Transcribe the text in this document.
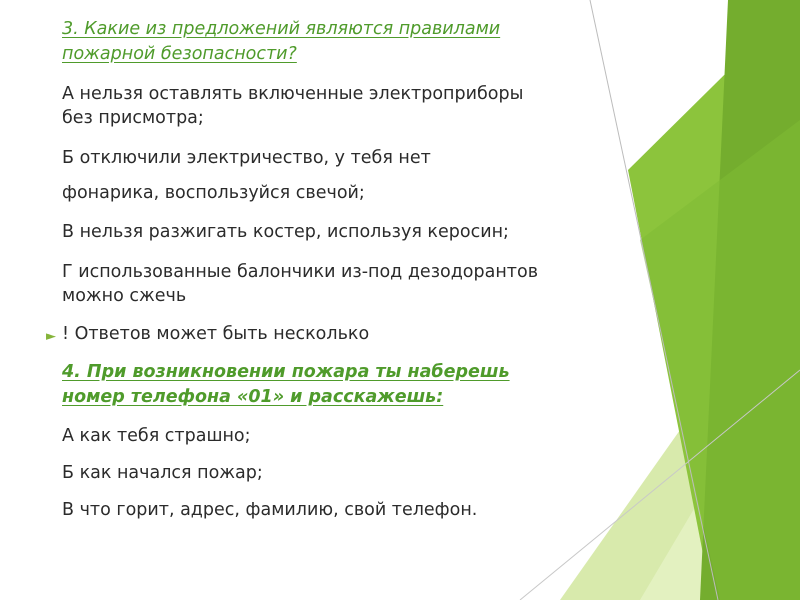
3. Какие из предложений являются правилами

пожарной безопасности?

А нельзя оставлять включенные электроприборы

без присмотра;

Б отключили электричество, у тебя нет

фонарика, воспользуйся свечой;

В нельзя разжигать костер, используя керосин;

Г использованные балончики из-под дезодорантов

можно сжечь

► ! Ответов может быть несколько

4. При возникновении пожара ты наберешь

номер телефона «01» и расскажешь:

А как тебя страшно;

Б как начался пожар;

В что горит, адрес, фамилию, свой телефон.
